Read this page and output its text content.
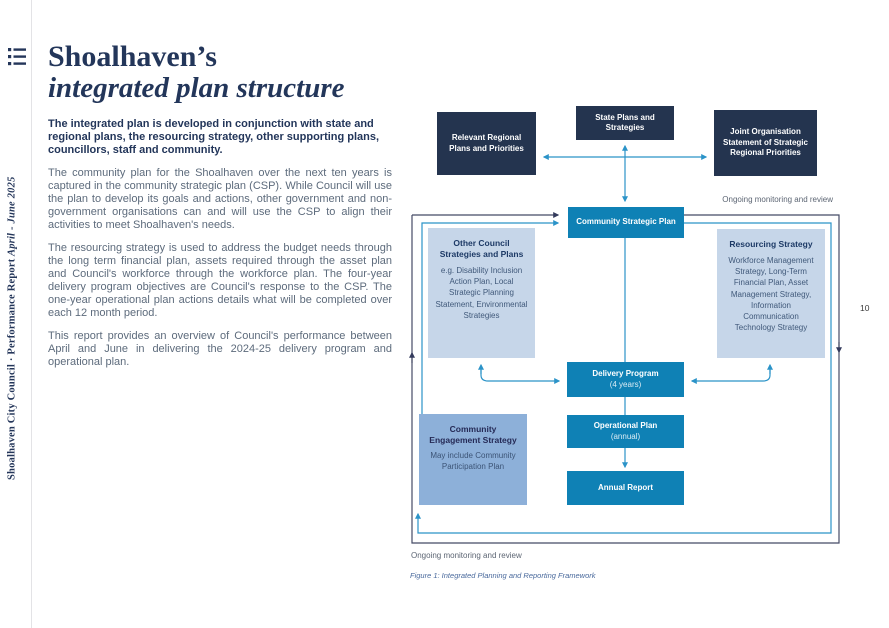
Shoalhaven City Council · Performance Report

April - June 2025
Shoalhaven’s
integrated plan structure
The integrated plan is developed in conjunction with state and regional plans, the resourcing strategy, other supporting plans, councillors, staff and community.
The community plan for the Shoalhaven over the next ten years is captured in the community strategic plan (CSP). While Council will use the plan to develop its goals and actions, other government and non-government organisations can and will use the CSP to align their activities to meet Shoalhaven's needs.
The resourcing strategy is used to address the budget needs through the long term financial plan, assets required through the asset plan and Council's workforce through the workforce plan. The four-year delivery program objectives are Council's response to the CSP. The one-year operational plan actions details what will be completed over each 12 month period.
This report provides an overview of Council's performance between April and June in delivering the 2024-25 delivery program and operational plan.
Relevant Regional Plans and Priorities
State Plans and Strategies	Joint Organisation Statement of Strategic Regional Priorities
Community Strategic Plan
Other Council Strategies and Plans
e.g. Disability Inclusion Action Plan, Local Strategic Planning Statement, Environmental Strategies
Resourcing Strategy
Workforce Management Strategy, Long-Term Financial Plan, Asset Management Strategy, Information Communication Technology Strategy
Delivery Program
(4 years)
Operational Plan
(annual)
Annual Report
Community Engagement Strategy
May include Community Participation Plan
Ongoing monitoring and review
Ongoing monitoring and review
Figure 1: Integrated Planning and Reporting Framework
10
